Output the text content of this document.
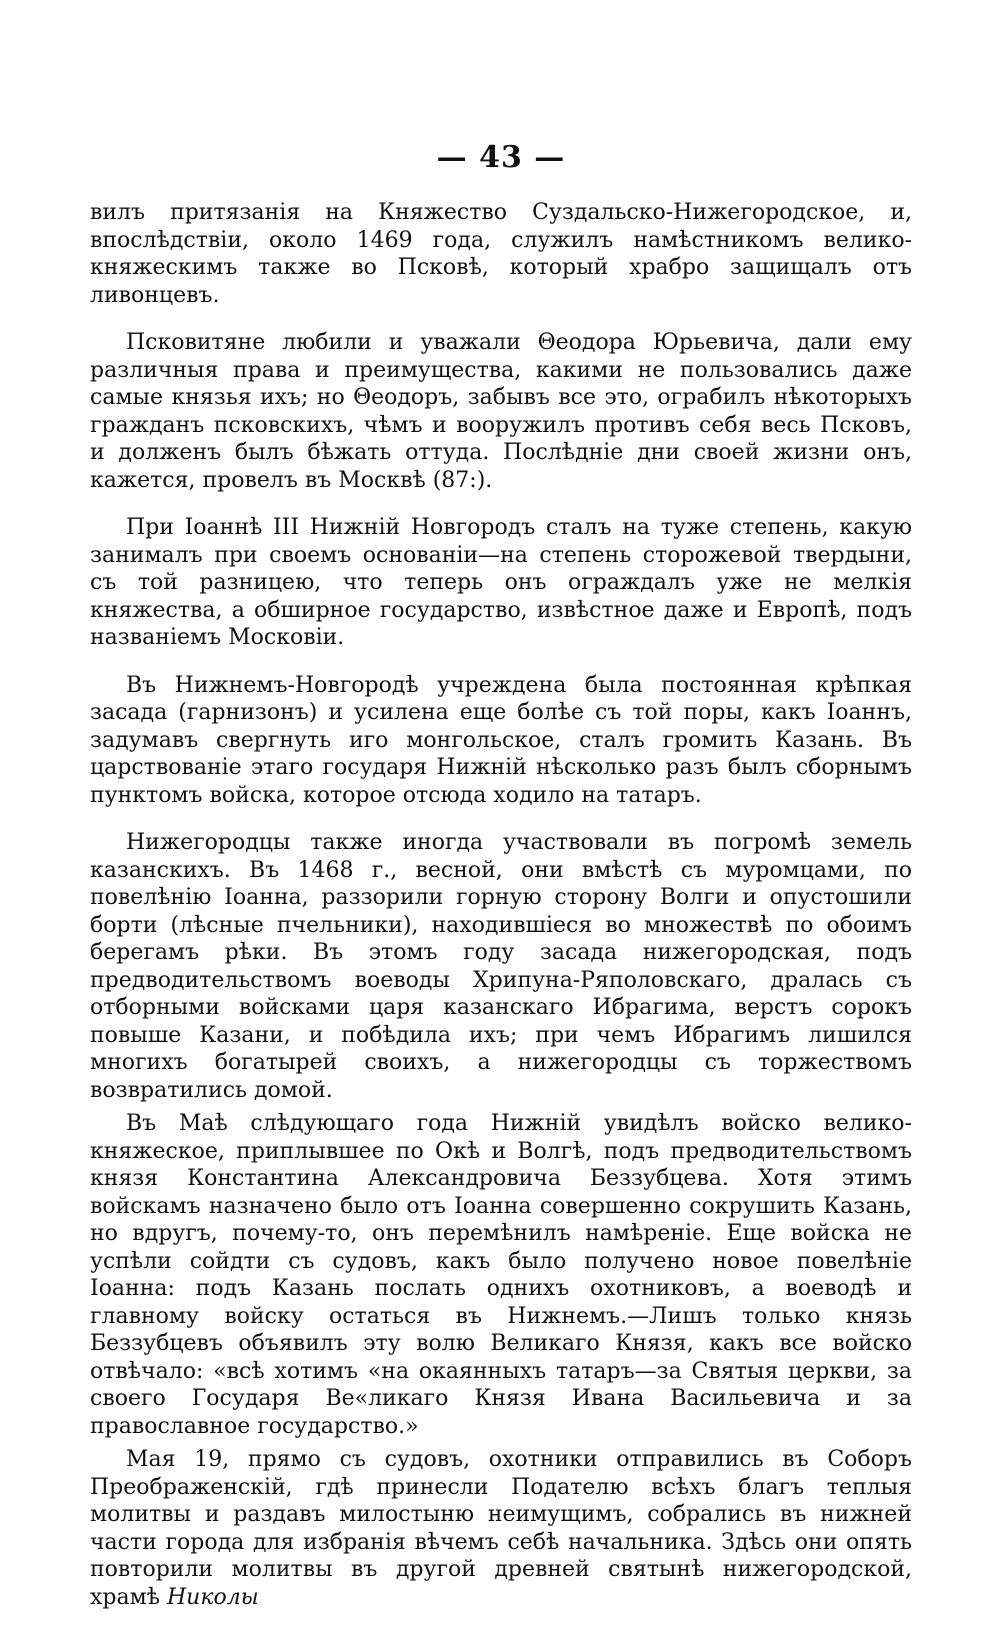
— 43 —

вилъ притязанія на Княжество Суздальско-Нижегородское, и, впослѣдствіи, около 1469 года, служилъ намѣстникомъ велико-княжескимъ также во Псковѣ, который храбро защищалъ отъ ливонцевъ.

Псковитяне любили и уважали Θеодора Юрьевича, дали ему различныя права и преимущества, какими не пользовались даже самые князья ихъ; но Θеодоръ, забывъ все это, ограбилъ нѣкоторыхъ гражданъ псковскихъ, чѣмъ и вооружилъ противъ себя весь Псковъ, и долженъ былъ бѣжать оттуда. Послѣдніе дни своей жизни онъ, кажется, провелъ въ Москвѣ (87:).

При Іоаннѣ III Нижній Новгородъ сталъ на туже степень, какую занималъ при своемъ основаніи—на степень сторожевой твердыни, съ той разницею, что теперь онъ ограждалъ уже не мелкія княжества, а обширное государство, извѣстное даже и Европѣ, подъ названіемъ Московіи.

Въ Нижнемъ-Новгородѣ учреждена была постоянная крѣпкая засада (гарнизонъ) и усилена еще болѣе съ той поры, какъ Іоаннъ, задумавъ свергнуть иго монгольское, сталъ громить Казань. Въ царствованіе этаго государя Нижній нѣсколько разъ былъ сборнымъ пунктомъ войска, которое отсюда ходило на татаръ.

Нижегородцы также иногда участвовали въ погромѣ земель казанскихъ. Въ 1468 г., весной, они вмѣстѣ съ муромцами, по повелѣнію Іоанна, раззорили горную сторону Волги и опустошили борти (лѣсные пчельники), находившіеся во множествѣ по обоимъ берегамъ рѣки. Въ этомъ году засада нижегородская, подъ предводительствомъ воеводы Хрипуна-Ряполовскаго, дралась съ отборными войсками царя казанскаго Ибрагима, верстъ сорокъ повыше Казани, и побѣдила ихъ; при чемъ Ибрагимъ лишился многихъ богатырей своихъ, а нижегородцы съ торжествомъ возвратились домой.

Въ Маѣ слѣдующаго года Нижній увидѣлъ войско велико-княжеское, приплывшее по Окѣ и Волгѣ, подъ предводительствомъ князя Константина Александровича Беззубцева. Хотя этимъ войскамъ назначено было отъ Іоанна совершенно сокрушить Казань, но вдругъ, почему-то, онъ перемѣнилъ намѣреніе. Еще войска не успѣли сойдти съ судовъ, какъ было получено новое повелѣніе Іоанна: подъ Казань послать однихъ охотниковъ, а воеводѣ и главному войску остаться въ Нижнемъ.—Лишъ только князь Беззубцевъ объявилъ эту волю Великаго Князя, какъ все войско отвѣчало: «всѣ хотимъ «на окаянныхъ татаръ—за Святыя церкви, за своего Государя Ве«ликаго Князя Ивана Васильевича и за православное государство.»

Мая 19, прямо съ судовъ, охотники отправились въ Соборъ Преображенскій, гдѣ принесли Подателю всѣхъ благъ теплыя молитвы и раздавъ милостыню неимущимъ, собрались въ нижней части города для избранія вѣчемъ себѣ начальника. Здѣсь они опять повторили молитвы въ другой древней святынѣ нижегородской, храмѣ Николы
